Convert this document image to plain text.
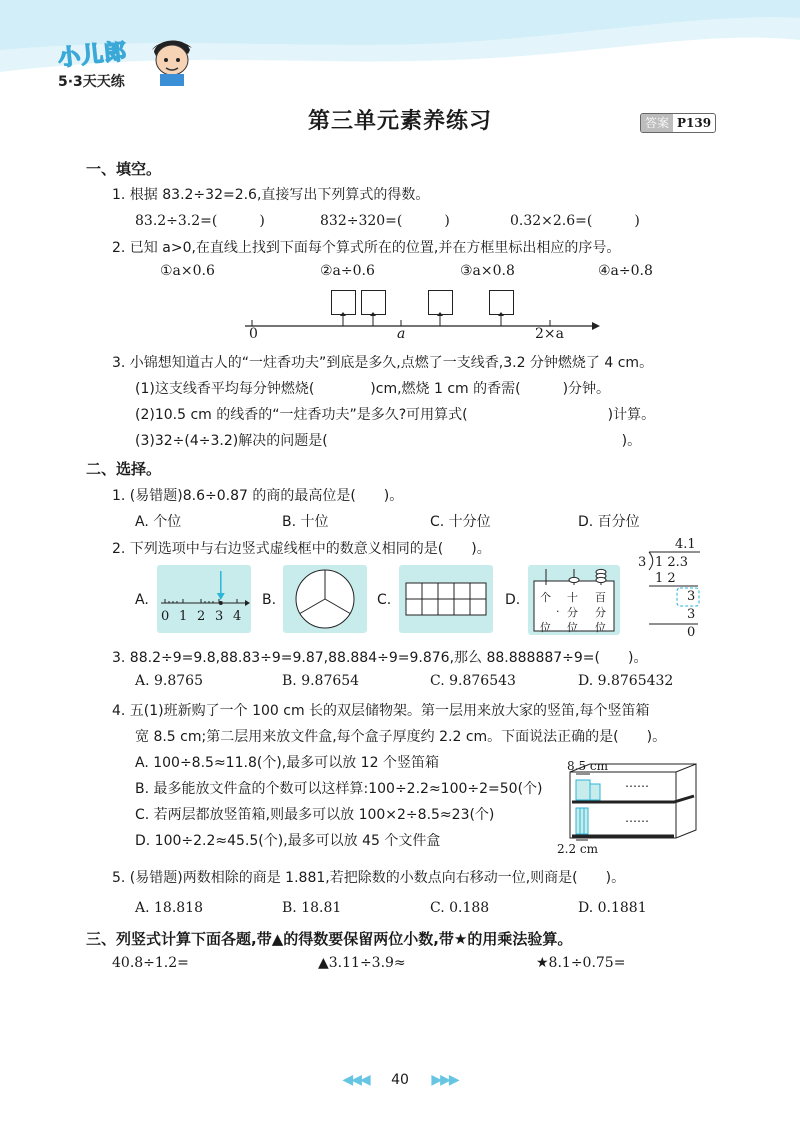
小儿郎
5·3天天练
第三单元素养练习	答案 P139
一、填空。
1. 根据 83.2÷32=2.6,直接写出下列算式的得数。
83.2÷3.2=(　　　)	832÷320=(　　　)	0.32×2.6=(　　　)
2. 已知 a>0,在直线上找到下面每个算式所在的位置,并在方框里标出相应的序号。
①a×0.6	②a÷0.6	③a×0.8	④a÷0.8
0	a	2×a
3. 小锦想知道古人的“一炷香功夫”到底是多久,点燃了一支线香,3.2 分钟燃烧了 4 cm。
(1)这支线香平均每分钟燃烧(　　　　)cm,燃烧 1 cm 的香需(　　　)分钟。
(2)10.5 cm 的线香的“一炷香功夫”是多久?可用算式(　　　　　　　　　　)计算。
(3)32÷(4÷3.2)解决的问题是(　　　　　　　　　　　　　　　　　　　　　)。
二、选择。
1. (易错题)8.6÷0.87 的商的最高位是(　　)。
A. 个位	B. 十位	C. 十分位	D. 百分位
2. 下列选项中与右边竖式虚线框中的数意义相同的是(　　)。
A.
0 1 2 3 4
B.	C.	D. 个 十 百
分 分
·
位 位 位
4.1
3 1 2.3
1 2
3
3
0
3. 88.2÷9=9.8,88.83÷9=9.87,88.884÷9=9.876,那么 88.888887÷9=(　　)。
A. 9.8765	B. 9.87654	C. 9.876543	D. 9.8765432
4. 五(1)班新购了一个 100 cm 长的双层储物架。第一层用来放大家的竖笛,每个竖笛箱
宽 8.5 cm;第二层用来放文件盒,每个盒子厚度约 2.2 cm。下面说法正确的是(　　)。
A. 100÷8.5≈11.8(个),最多可以放 12 个竖笛箱
B. 最多能放文件盒的个数可以这样算:100÷2.2≈100÷2=50(个)
C. 若两层都放竖笛箱,则最多可以放 100×2÷8.5≈23(个)
D. 100÷2.2≈45.5(个),最多可以放 45 个文件盒
8.5 cm
……
……
2.2 cm
5. (易错题)两数相除的商是 1.881,若把除数的小数点向右移动一位,则商是(　　)。
A. 18.818	B. 18.81	C. 0.188	D. 0.1881
三、列竖式计算下面各题,带▲的得数要保留两位小数,带★的用乘法验算。
40.8÷1.2=	▲3.11÷3.9≈	★8.1÷0.75=
◀◀◀ 40 ▶▶▶
